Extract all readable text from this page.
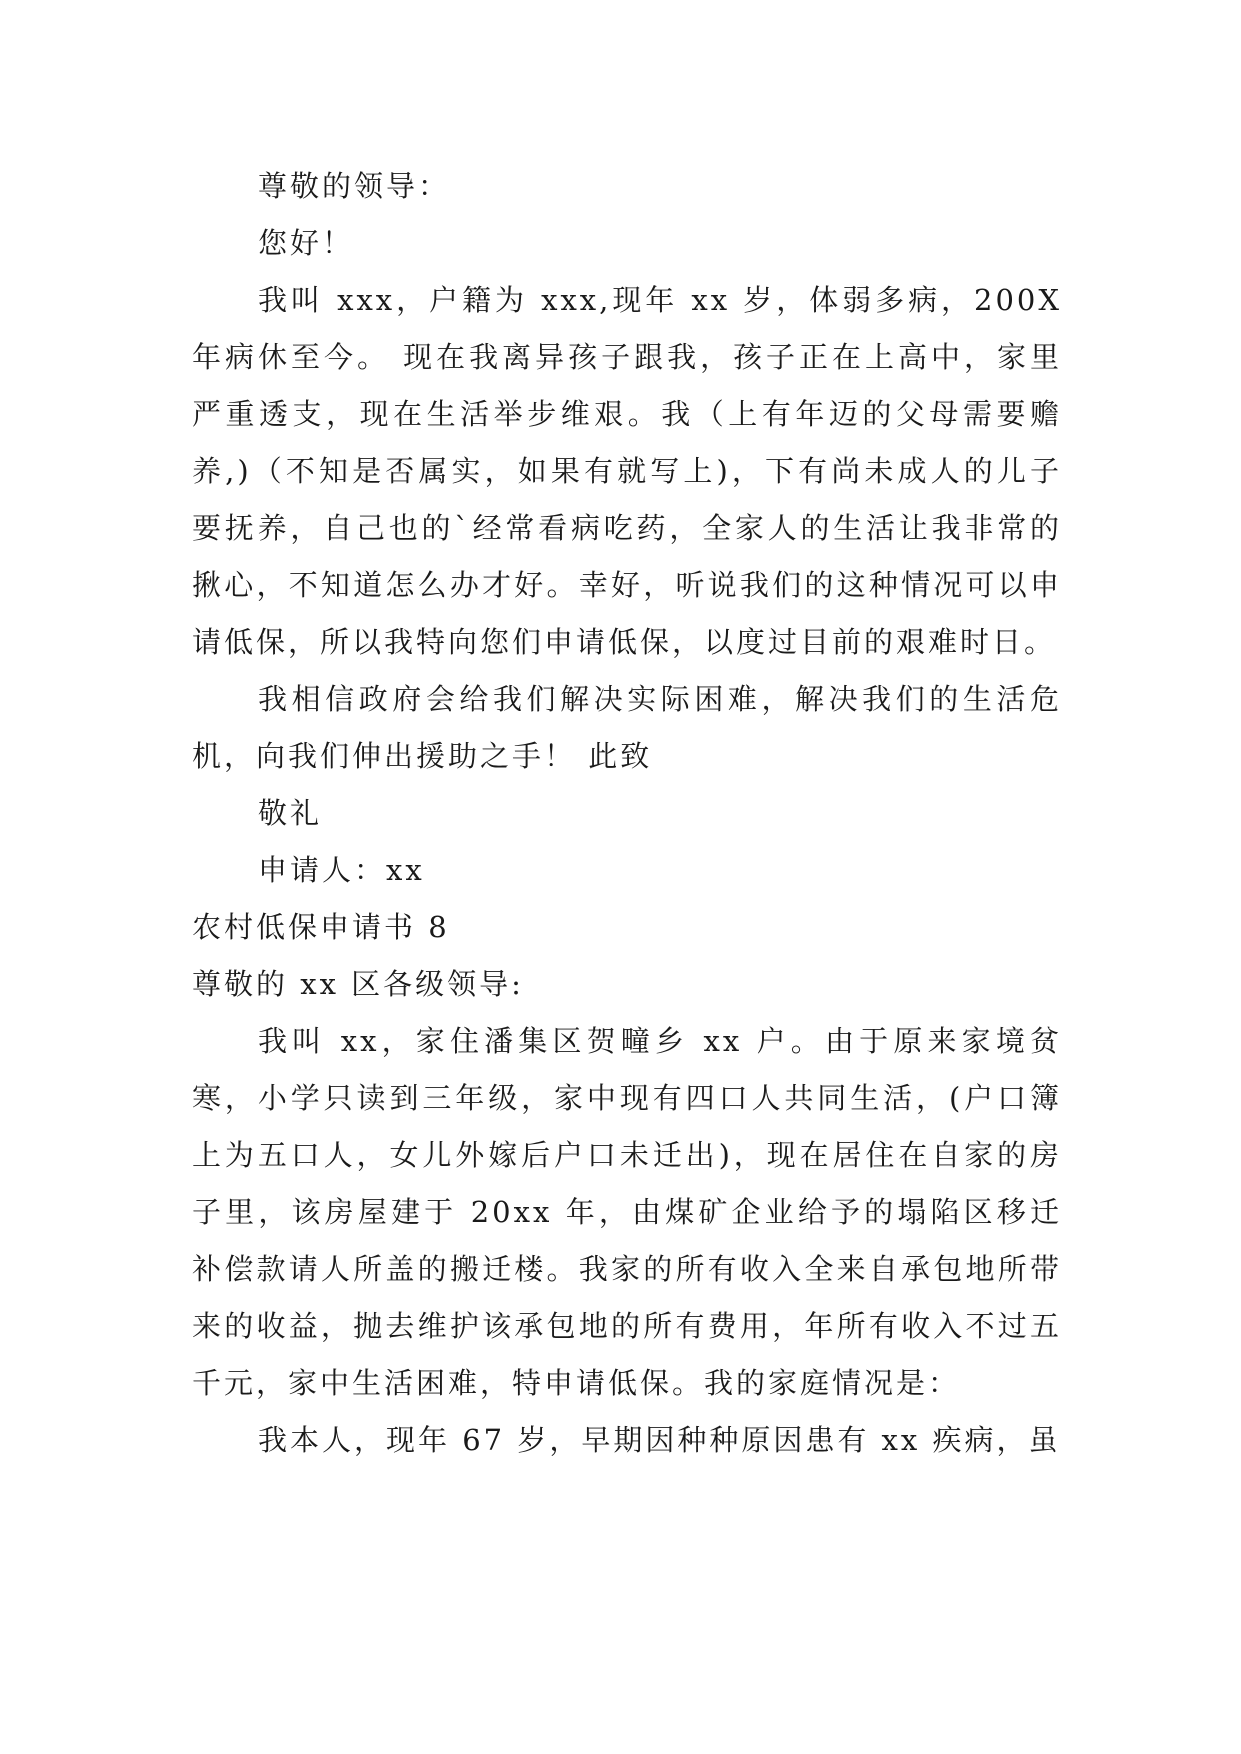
尊敬的领导：

您好！

我叫 xxx，户籍为 xxx,现年 xx 岁，体弱多病，200X 年病休至今。 现在我离异孩子跟我，孩子正在上高中，家里严重透支，现在生活举步维艰。我（上有年迈的父母需要赡养,)（不知是否属实，如果有就写上)，下有尚未成人的儿子要抚养，自己也的`经常看病吃药，全家人的生活让我非常的揪心，不知道怎么办才好。幸好，听说我们的这种情况可以申请低保，所以我特向您们申请低保，以度过目前的艰难时日。

我相信政府会给我们解决实际困难，解决我们的生活危机，向我们伸出援助之手！ 此致

敬礼

申请人：xx

农村低保申请书 8

尊敬的 xx 区各级领导:

我叫 xx，家住潘集区贺疃乡 xx 户。由于原来家境贫寒，小学只读到三年级，家中现有四口人共同生活，(户口簿上为五口人，女儿外嫁后户口未迁出)，现在居住在自家的房子里，该房屋建于 20xx 年，由煤矿企业给予的塌陷区移迁补偿款请人所盖的搬迁楼。我家的所有收入全来自承包地所带来的收益，抛去维护该承包地的所有费用，年所有收入不过五千元，家中生活困难，特申请低保。我的家庭情况是：

我本人，现年 67 岁，早期因种种原因患有 xx 疾病，虽
